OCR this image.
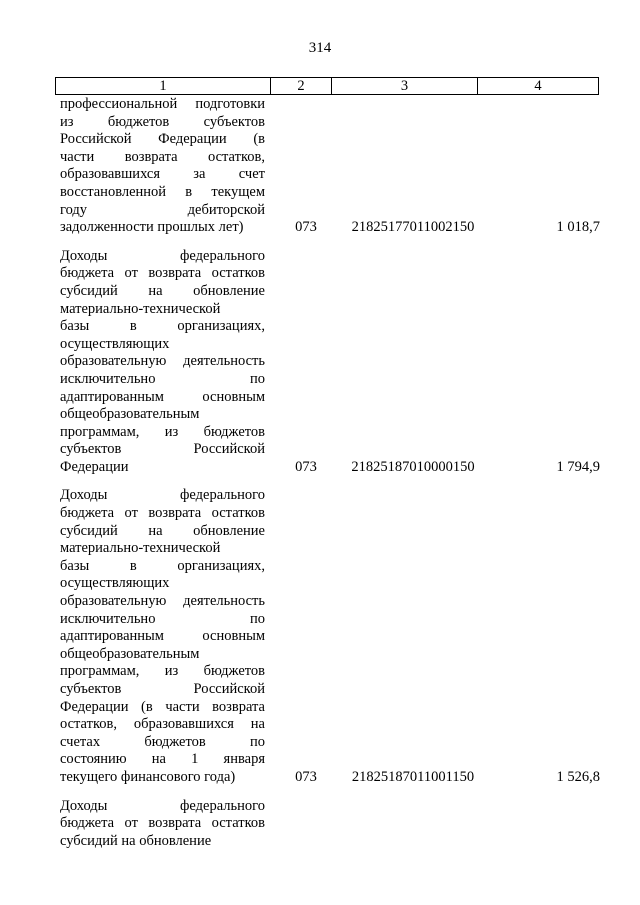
314
1	2	3	4
профессиональной подготовки
из бюджетов субъектов
Российской Федерации (в
части возврата остатков,
образовавшихся за счет
восстановленной в текущем
году дебиторской
задолженности прошлых лет)	073	21825177011002150	1 018,7
Доходы федерального
бюджета от возврата остатков
субсидий на обновление
материально-технической
базы в организациях,
осуществляющих
образовательную деятельность
исключительно по
адаптированным основным
общеобразовательным
программам, из бюджетов
субъектов Российской
Федерации	073	21825187010000150	1 794,9
Доходы федерального
бюджета от возврата остатков
субсидий на обновление
материально-технической
базы в организациях,
осуществляющих
образовательную деятельность
исключительно по
адаптированным основным
общеобразовательным
программам, из бюджетов
субъектов Российской
Федерации (в части возврата
остатков, образовавшихся на
счетах бюджетов по
состоянию на 1 января
текущего финансового года)	073	21825187011001150	1 526,8
Доходы федерального
бюджета от возврата остатков
субсидий на обновление
